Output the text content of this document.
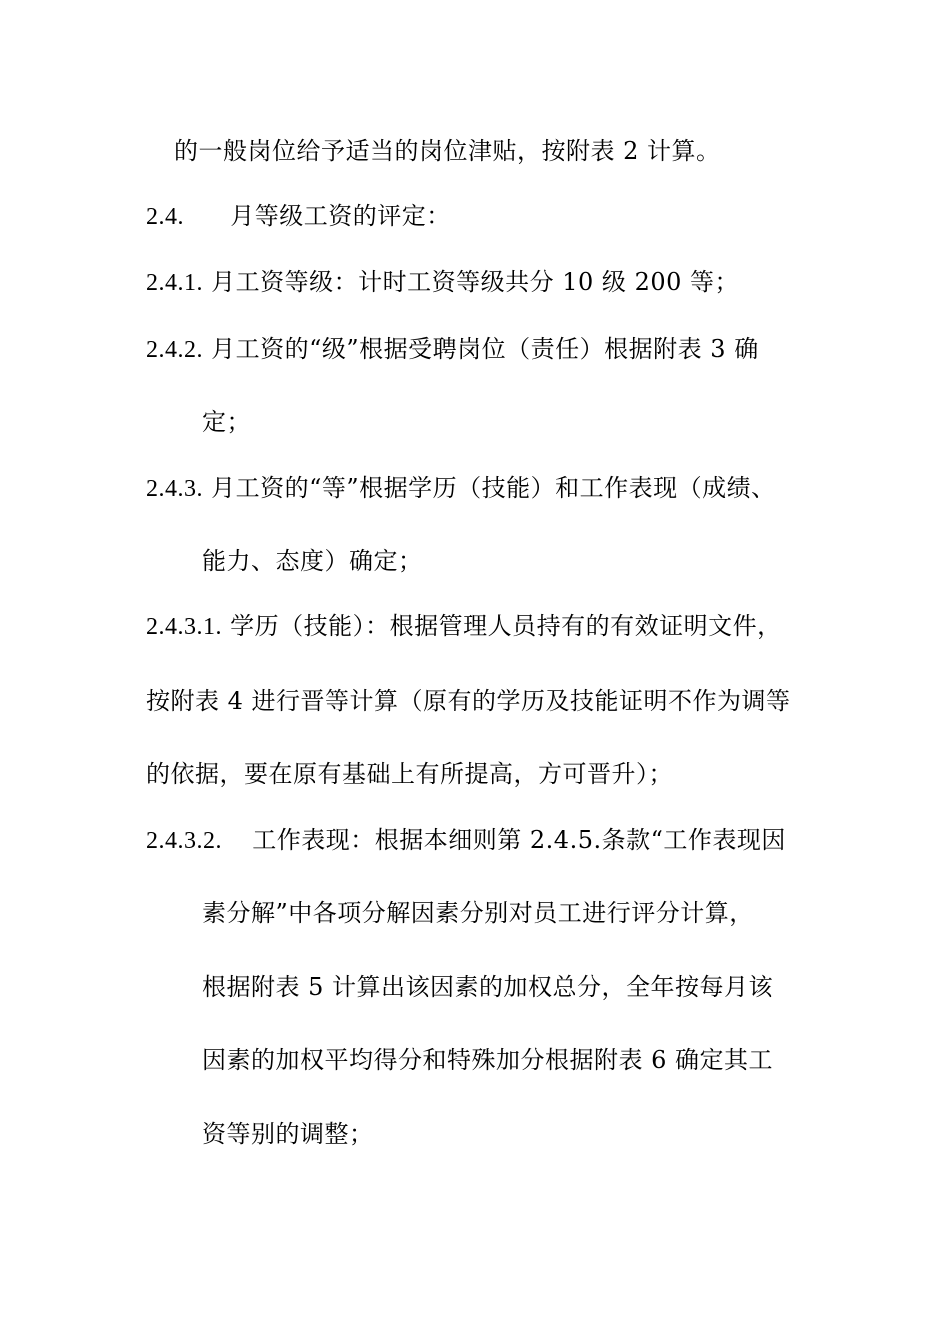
的一般岗位给予适当的岗位津贴，按附表 2 计算。
2.4. 月等级工资的评定：
2.4.1. 月工资等级：计时工资等级共分 10 级 200 等；
2.4.2. 月工资的“级”根据受聘岗位（责任）根据附表 3 确
定；
2.4.3. 月工资的“等”根据学历（技能）和工作表现（成绩、
能力、态度）确定；
2.4.3.1. 学历（技能）：根据管理人员持有的有效证明文件，
按附表 4 进行晋等计算（原有的学历及技能证明不作为调等
的依据，要在原有基础上有所提高，方可晋升）；
2.4.3.2. 工作表现：根据本细则第 2.4.5.条款“工作表现因
素分解”中各项分解因素分别对员工进行评分计算，
根据附表 5 计算出该因素的加权总分，全年按每月该
因素的加权平均得分和特殊加分根据附表 6 确定其工
资等别的调整；
